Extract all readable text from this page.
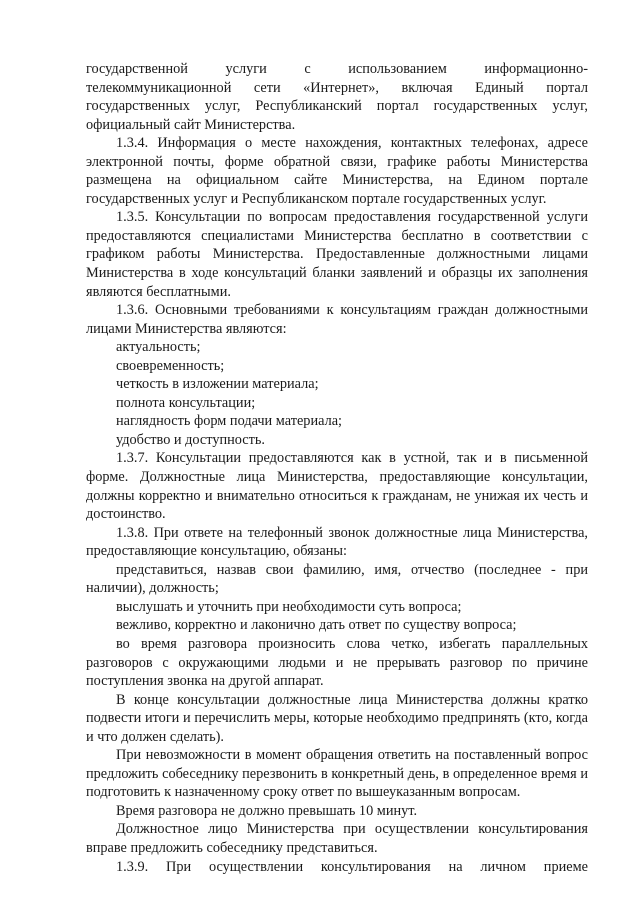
государственной услуги с использованием информационно-телекоммуникационной сети «Интернет», включая Единый портал государственных услуг, Республиканский портал государственных услуг, официальный сайт Министерства.

1.3.4. Информация о месте нахождения, контактных телефонах, адресе электронной почты, форме обратной связи, графике работы Министерства размещена на официальном сайте Министерства, на Едином портале государственных услуг и Республиканском портале государственных услуг.

1.3.5. Консультации по вопросам предоставления государственной услуги предоставляются специалистами Министерства бесплатно в соответствии с графиком работы Министерства. Предоставленные должностными лицами Министерства в ходе консультаций бланки заявлений и образцы их заполнения являются бесплатными.

1.3.6. Основными требованиями к консультациям граждан должностными лицами Министерства являются:

актуальность;

своевременность;

четкость в изложении материала;

полнота консультации;

наглядность форм подачи материала;

удобство и доступность.

1.3.7. Консультации предоставляются как в устной, так и в письменной форме. Должностные лица Министерства, предоставляющие консультации, должны корректно и внимательно относиться к гражданам, не унижая их честь и достоинство.

1.3.8. При ответе на телефонный звонок должностные лица Министерства, предоставляющие консультацию, обязаны:

представиться, назвав свои фамилию, имя, отчество (последнее - при наличии), должность;

выслушать и уточнить при необходимости суть вопроса;

вежливо, корректно и лаконично дать ответ по существу вопроса;

во время разговора произносить слова четко, избегать параллельных разговоров с окружающими людьми и не прерывать разговор по причине поступления звонка на другой аппарат.

В конце консультации должностные лица Министерства должны кратко подвести итоги и перечислить меры, которые необходимо предпринять (кто, когда и что должен сделать).

При невозможности в момент обращения ответить на поставленный вопрос предложить собеседнику перезвонить в конкретный день, в определенное время и подготовить к назначенному сроку ответ по вышеуказанным вопросам.

Время разговора не должно превышать 10 минут.

Должностное лицо Министерства при осуществлении консультирования вправе предложить собеседнику представиться.

1.3.9. При осуществлении консультирования на личном приеме
